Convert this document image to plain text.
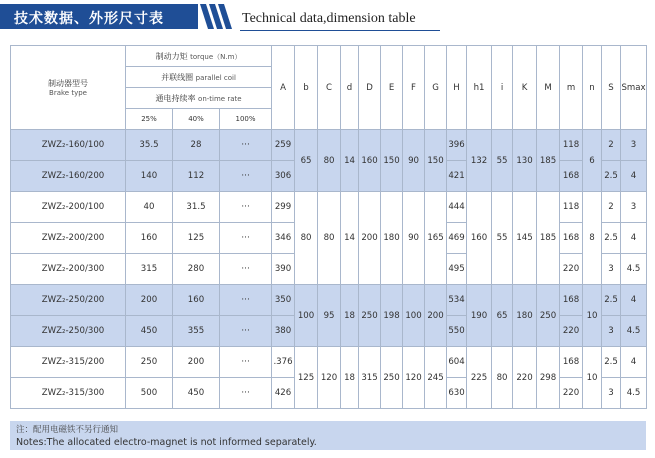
技术数据、外形尺寸表	Technical data,dimension table
制动器型号
Brake type	制动力矩 torque（N.m）			A	b	C	d	D	E	F	G	H	h1	i	K	M	m	n	S	Smax
	并联线圈 parallel coil																			
	通电持续率 on-time rate																			
	25%	40%	100%																	
ZWZ₂-160/100	35.5	28	···	259	65	80	14	160	150	90	150	396	132	55	130	185	118	6	2	3
ZWZ₂-160/200	140	112	···	306								421					168		2.5	4
ZWZ₂-200/100	40	31.5	···	299	80	80	14	200	180	90	165	444	160	55	145	185	118	8	2	3
ZWZ₂-200/200	160	125	···	346								469					168		2.5	4
ZWZ₂-200/300	315	280	···	390								495					220		3	4.5
ZWZ₂-250/200	200	160	···	350	100	95	18	250	198	100	200	534	190	65	180	250	168	10	2.5	4
ZWZ₂-250/300	450	355	···	380								550					220		3	4.5
ZWZ₂-315/200	250	200	···	.376	125	120	18	315	250	120	245	604	225	80	220	298	168	10	2.5	4
ZWZ₂-315/300	500	450	···	426								630					220		3	4.5
注：配用电磁铁不另行通知
Notes:The allocated electro-magnet is not informed separately.
